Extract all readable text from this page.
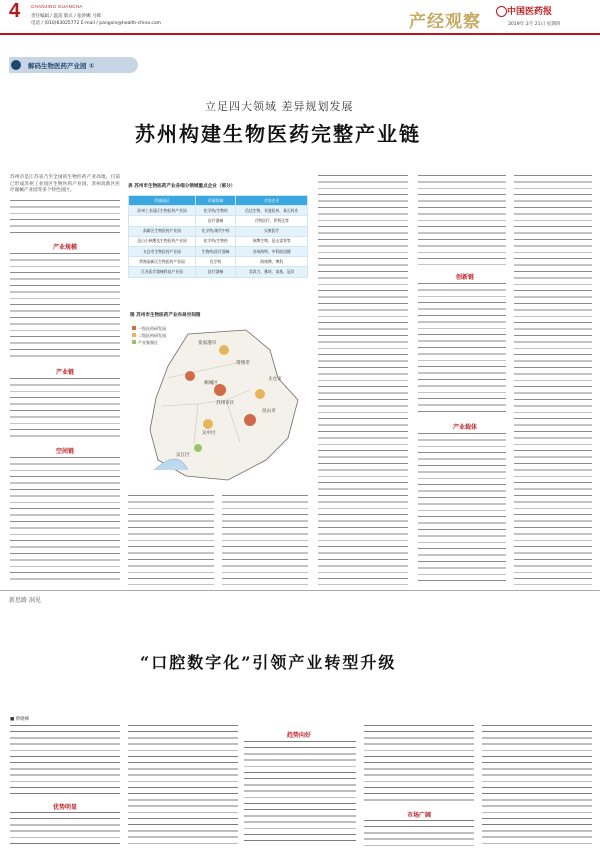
4 CHANJING GUANCHA
责任编辑 / 温雷 版式 / 张妙娜 马辉
电话 / (010)63025772 E-mail / pangxin@health-china.com	产经观察	中国医药报
2019年 2月 21日 星期四
解码生物医药产业园 ①
立足四大领域 差异规划发展
苏州构建生物医药完整产业链
苏州市是江苏省乃至全国的生物医药产业高地，目前已形成苏州工业园区生物医药产业园、苏州高新区医疗器械产业园等多个特色园区。
产业规模
产业链
空间链
表 苏州市生物医药产业各细分领域重点企业（部分）
所属园区	所属领域	代表企业
苏州工业园区生物医药产业园	化学药/生物药	信达生物、亚盛医药、基石药业
	医疗器械	百特医疗、伊利达等
高新区生物医药产业园	化学药/现代中药	贝康医疗
昆山小核酸及生物医药产业园	化学药/生物药	瑞博生物、昆山睿智等
太仓市生物医药产业园	生物药/医疗器械	苏州海特、中科院国健
常熟高新区生物医药产业园	化学药	海康博、博科
江苏医疗器械科技产业园	医疗器械	美敦力、雅培、诺基、冠洋
图 苏州市生物医药产业布局空间图
张家港市
常熟市
相城区
苏州市区
昆山市
太仓市
吴中区
吴江区
一级医药研发园
二级医药研发园
产业集聚区
创新链
产业载体
新思路 洞见
“口腔数字化”引领产业转型升级
■ 柴晓峰
优势明显
趋势向好
市场广阔
